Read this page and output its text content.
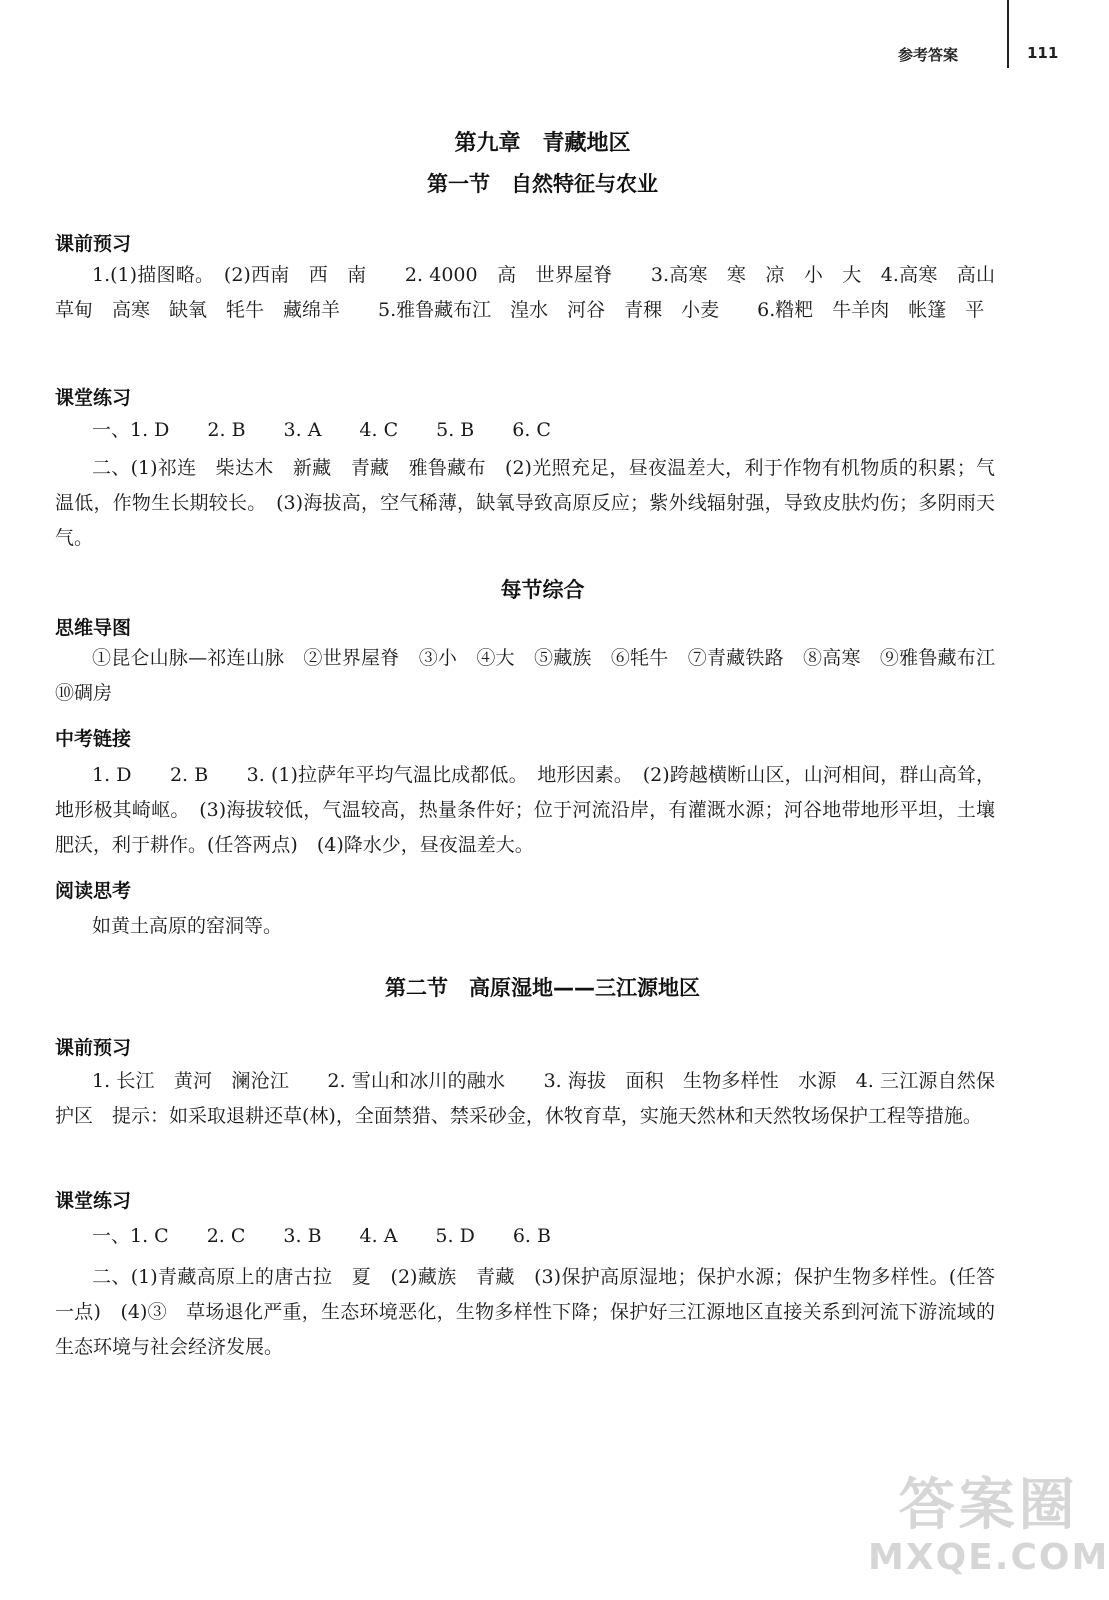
参考答案	111
第九章　青藏地区
第一节　自然特征与农业
课前预习
1.(1)描图略。　(2)西南　西　南　　2. 4000　高　世界屋脊　　3.高寒　寒　凉　小　大　4.高寒　高山草甸　高寒　缺氧　牦牛　藏绵羊　　5.雅鲁藏布江　湟水　河谷　青稞　小麦　　6.糌粑　牛羊肉　帐篷　平
课堂练习
一、1. D　　2. B　　3. A　　4. C　　5. B　　6. C
二、(1)祁连　柴达木　新藏　青藏　雅鲁藏布　(2)光照充足，昼夜温差大，利于作物有机物质的积累；气温低，作物生长期较长。　(3)海拔高，空气稀薄，缺氧导致高原反应；紫外线辐射强，导致皮肤灼伤；多阴雨天气。
每节综合
思维导图
①昆仑山脉—祁连山脉　②世界屋脊　③小　④大　⑤藏族　⑥牦牛　⑦青藏铁路　⑧高寒　⑨雅鲁藏布江　⑩碉房
中考链接
1. D　　2. B　　3. (1)拉萨年平均气温比成都低。　地形因素。　(2)跨越横断山区，山河相间，群山高耸，地形极其崎岖。　(3)海拔较低，气温较高，热量条件好；位于河流沿岸，有灌溉水源；河谷地带地形平坦，土壤肥沃，利于耕作。(任答两点)　(4)降水少，昼夜温差大。
阅读思考
如黄土高原的窑洞等。
第二节　高原湿地——三江源地区
课前预习
1. 长江　黄河　澜沧江　　2. 雪山和冰川的融水　　3. 海拔　面积　生物多样性　水源　4. 三江源自然保护区　提示：如采取退耕还草(林)，全面禁猎、禁采砂金，休牧育草，实施天然林和天然牧场保护工程等措施。
课堂练习
一、1. C　　2. C　　3. B　　4. A　　5. D　　6. B
二、(1)青藏高原上的唐古拉　夏　(2)藏族　青藏　(3)保护高原湿地；保护水源；保护生物多样性。(任答一点)　(4)③　草场退化严重，生态环境恶化，生物多样性下降；保护好三江源地区直接关系到河流下游流域的生态环境与社会经济发展。
答案圈
MXQE.COM
